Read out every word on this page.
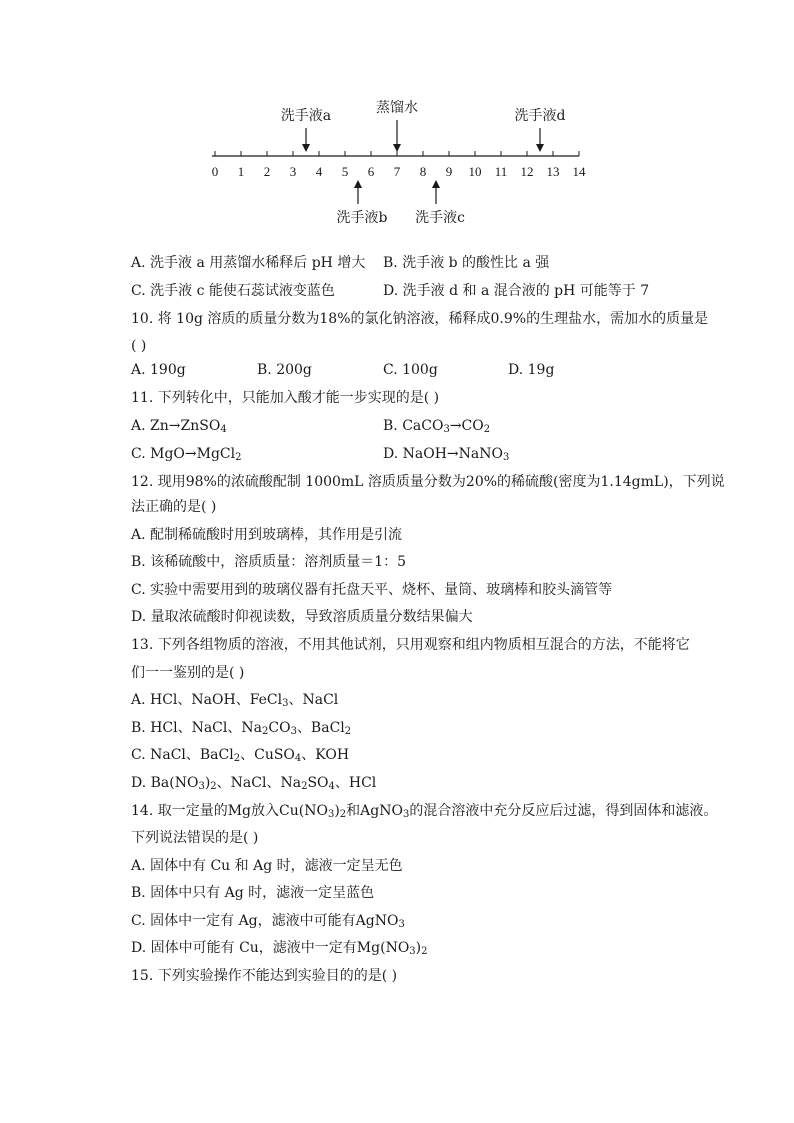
0 1 2 3 4 5 6 7 8 9 10 11 12 13 14
洗手液a	蒸馏水	洗手液d
洗手液b 洗手液c
A. 洗手液 a 用蒸馏水稀释后 pH 增大 B. 洗手液 b 的酸性比 a 强
C. 洗手液 c 能使石蕊试液变蓝色	D. 洗手液 d 和 a 混合液的 pH 可能等于 7
10. 将 10g 溶质的质量分数为18%的氯化钠溶液，稀释成0.9%的生理盐水，需加水的质量是
( )
A. 190g	B. 200g	C. 100g	D. 19g
11. 下列转化中，只能加入酸才能一步实现的是( )
A. Zn→ZnSO$_4$	B. $CaCO_3\to CO_2$
C. MgO→MgCl$_2$	D. NaOH→NaNO$_3$
12. 现用98%的浓硫酸配制 1000mL 溶质质量分数为20%的稀硫酸(密度为1.14gmL)，下列说
法正确的是( )
A. 配制稀硫酸时用到玻璃棒，其作用是引流
B. 该稀硫酸中，溶质质量：溶剂质量＝1：5
C. 实验中需要用到的玻璃仪器有托盘天平、烧杯、量筒、玻璃棒和胶头滴管等
D. 量取浓硫酸时仰视读数，导致溶质质量分数结果偏大
13. 下列各组物质的溶液，不用其他试剂，只用观察和组内物质相互混合的方法，不能将它
们一一鉴别的是( )
A. HCl、NaOH、FeCl$_3$、NaCl
B. HCl、NaCl、$Na_2CO_3$、BaCl$_2$
C. NaCl、BaCl$_2$、CuSO$_4$、KOH
D. $Ba(NO_3)_2$、NaCl、$Na_2SO_4$、HCl
14. 取一定量的Mg放入$Cu(NO_3)_2$和AgNO$_3$的混合溶液中充分反应后过滤，得到固体和滤液。
下列说法错误的是( )
A. 固体中有 Cu 和 Ag 时，滤液一定呈无色
B. 固体中只有 Ag 时，滤液一定呈蓝色
C. 固体中一定有 Ag，滤液中可能有AgNO$_3$
D. 固体中可能有 Cu，滤液中一定有$Mg(NO_3)_2$
15. 下列实验操作不能达到实验目的的是( )
